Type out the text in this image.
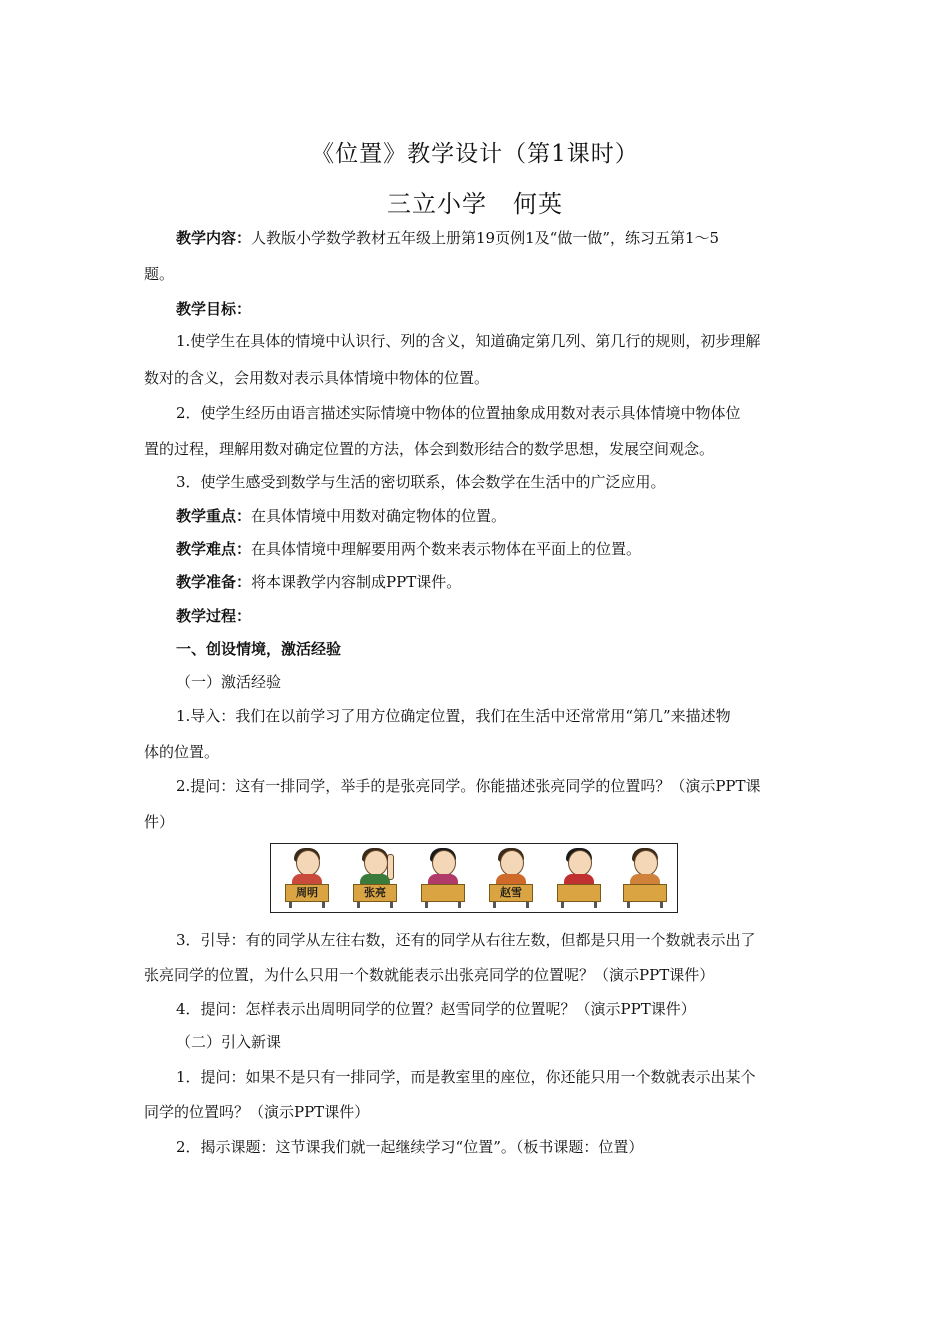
《位置》教学设计（第1课时）
三立小学 何英
教学内容：人教版小学数学教材五年级上册第19页例1及“做一做”，练习五第1～5
题。
教学目标：
1.使学生在具体的情境中认识行、列的含义，知道确定第几列、第几行的规则，初步理解
数对的含义，会用数对表示具体情境中物体的位置。
2．使学生经历由语言描述实际情境中物体的位置抽象成用数对表示具体情境中物体位
置的过程，理解用数对确定位置的方法，体会到数形结合的数学思想，发展空间观念。
3．使学生感受到数学与生活的密切联系，体会数学在生活中的广泛应用。
教学重点：在具体情境中用数对确定物体的位置。
教学难点：在具体情境中理解要用两个数来表示物体在平面上的位置。
教学准备：将本课教学内容制成PPT课件。
教学过程：
一、创设情境，激活经验
（一）激活经验
1.导入：我们在以前学习了用方位确定位置，我们在生活中还常常用“第几”来描述物
体的位置。
2.提问：这有一排同学，举手的是张亮同学。你能描述张亮同学的位置吗？（演示PPT课
件）
周明	张亮	赵雪
3．引导：有的同学从左往右数，还有的同学从右往左数，但都是只用一个数就表示出了
张亮同学的位置，为什么只用一个数就能表示出张亮同学的位置呢？（演示PPT课件）
4．提问：怎样表示出周明同学的位置？赵雪同学的位置呢？（演示PPT课件）
（二）引入新课
1．提问：如果不是只有一排同学，而是教室里的座位，你还能只用一个数就表示出某个
同学的位置吗？（演示PPT课件）
2．揭示课题：这节课我们就一起继续学习“位置”。（板书课题：位置）
